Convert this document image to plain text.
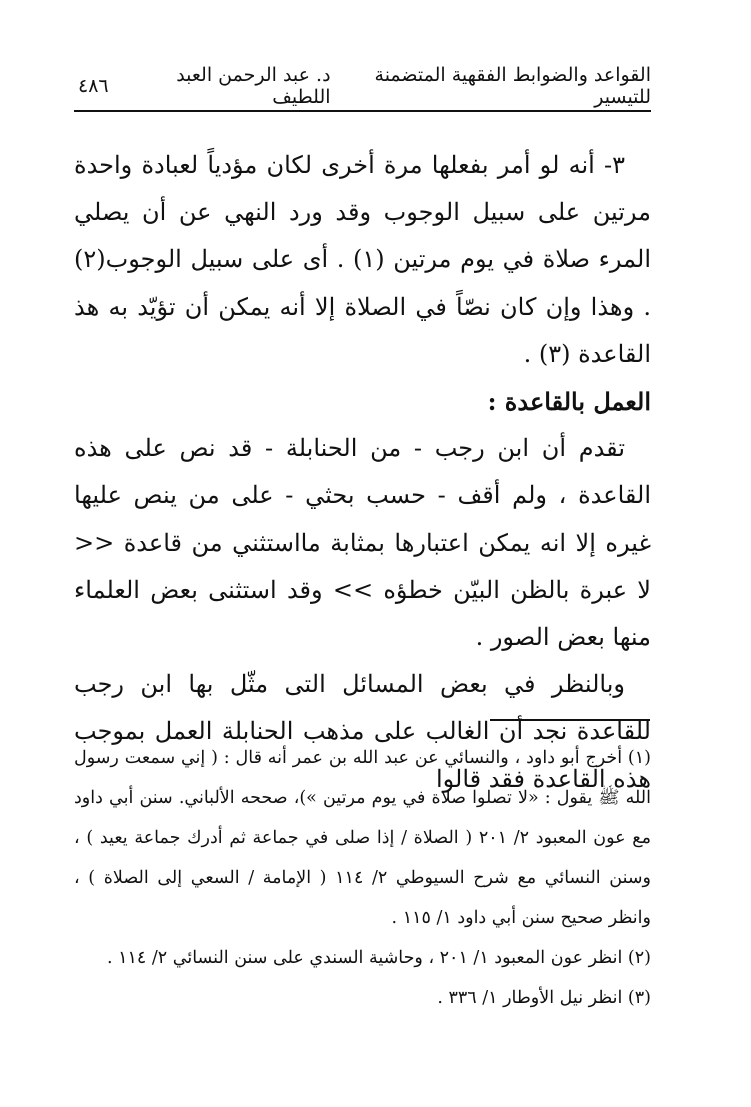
القواعد والضوابط الفقهية المتضمنة للتيسير
د. عبد الرحمن العبد اللطيف
٤٨٦

٣- أنه لو أمر بفعلها مرة أخرى لكان مؤدياً لعبادة واحدة مرتين على سبيل الوجوب وقد ورد النهي عن أن يصلي المرء صلاة في يوم مرتين (١) . أى على سبيل الوجوب(٢) . وهذا وإن كان نصّاً في الصلاة إلا أنه يمكن أن تؤيّد به هذ القاعدة (٣) .

العمل بالقاعدة :

تقدم أن ابن رجب - من الحنابلة - قد نص على هذه القاعدة ، ولم أقف - حسب بحثي - على من ينص عليها غيره إلا انه يمكن اعتبارها بمثابة مااستثني من قاعدة << لا عبرة بالظن البيّن خطؤه >> وقد استثنى بعض العلماء منها بعض الصور .

وبالنظر في بعض المسائل التى مثّل بها ابن رجب للقاعدة نجد أن الغالب على مذهب الحنابلة العمل بموجب هذه القاعدة فقد قالوا

(١) أخرج أبو داود ، والنسائي عن عبد الله بن عمر أنه قال : ( إني سمعت رسول الله ﷺ يقول : «لا تصلوا صلاة في يوم مرتين »)، صححه الألباني. سنن أبي داود مع عون المعبود ٢/ ٢٠١ ( الصلاة / إذا صلى في جماعة ثم أدرك جماعة يعيد ) ، وسنن النسائي مع شرح السيوطي ٢/ ١١٤ ( الإمامة / السعي إلى الصلاة ) ، وانظر صحيح سنن أبي داود ١/ ١١٥ .

(٢) انظر عون المعبود ١/ ٢٠١ ، وحاشية السندي على سنن النسائي ٢/ ١١٤ .

(٣) انظر نيل الأوطار ١/ ٣٣٦ .
